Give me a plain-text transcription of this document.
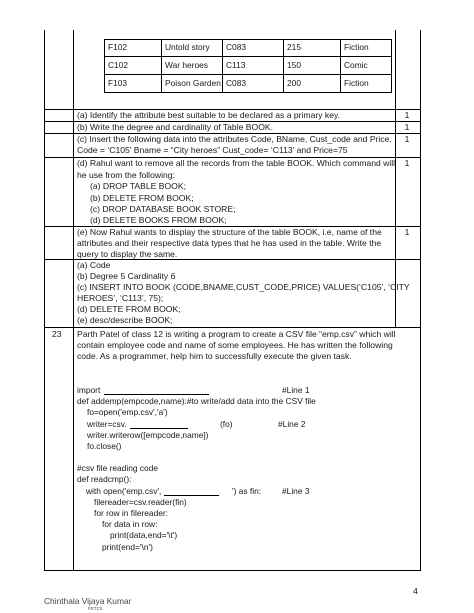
F102	Untold story C083	215	Fiction
C102	War heroes C113	150	Comic
F103	Poison Garden C083	200	Fiction
(a) Identify the attribute best suitable to be declared as a primary key.	1
(b) Write the degree and cardinality of Table BOOK.	1
(c) Insert the following data into the attributes Code, BName, Cust_code and Price.
Code = ‘C105’ Bname = “City heroes” Cust_code= ‘C113’ and Price=75
1
(d) Rahul want to remove all the records from the table BOOK. Which command will
he use from the following:
(a) DROP TABLE BOOK;
(b) DELETE FROM BOOK;
(c) DROP DATABASE BOOK STORE;
(d) DELETE BOOKS FROM BOOK;
1
(e) Now Rahul wants to display the structure of the table BOOK, i.e, name of the
attributes and their respective data types that he has used in the table. Write the
query to display the same.
1
(a) Code
(b) Degree 5 Cardinality 6
(c) INSERT INTO BOOK (CODE,BNAME,CUST_CODE,PRICE) VALUES(‘C105’, ‘CITY
HEROES’, ‘C113’, 75);
(d) DELETE FROM BOOK;
(e) desc/describe BOOK;
23 Parth Patel of class 12 is writing a program to create a CSV file “emp.csv” which will
contain employee code and name of some employees. He has written the following
code. As a programmer, help him to successfully execute the given task.
import	#Line 1
def addemp(empcode,name):#to write/add data into the CSV file
fo=open('emp.csv','a')
writer=csv.	(fo)	#Line 2
writer.writerow([empcode,name])
fo.close()
#csv file reading code
def readcmp():
with open('emp.csv',	') as fin: #Line 3
filereader=csv.reader(fin)
for row in filereader:
for data in row:
print(data,end='\t')
print(end='\n')
4
Chinthala Vijaya Kumar
PGTCS
